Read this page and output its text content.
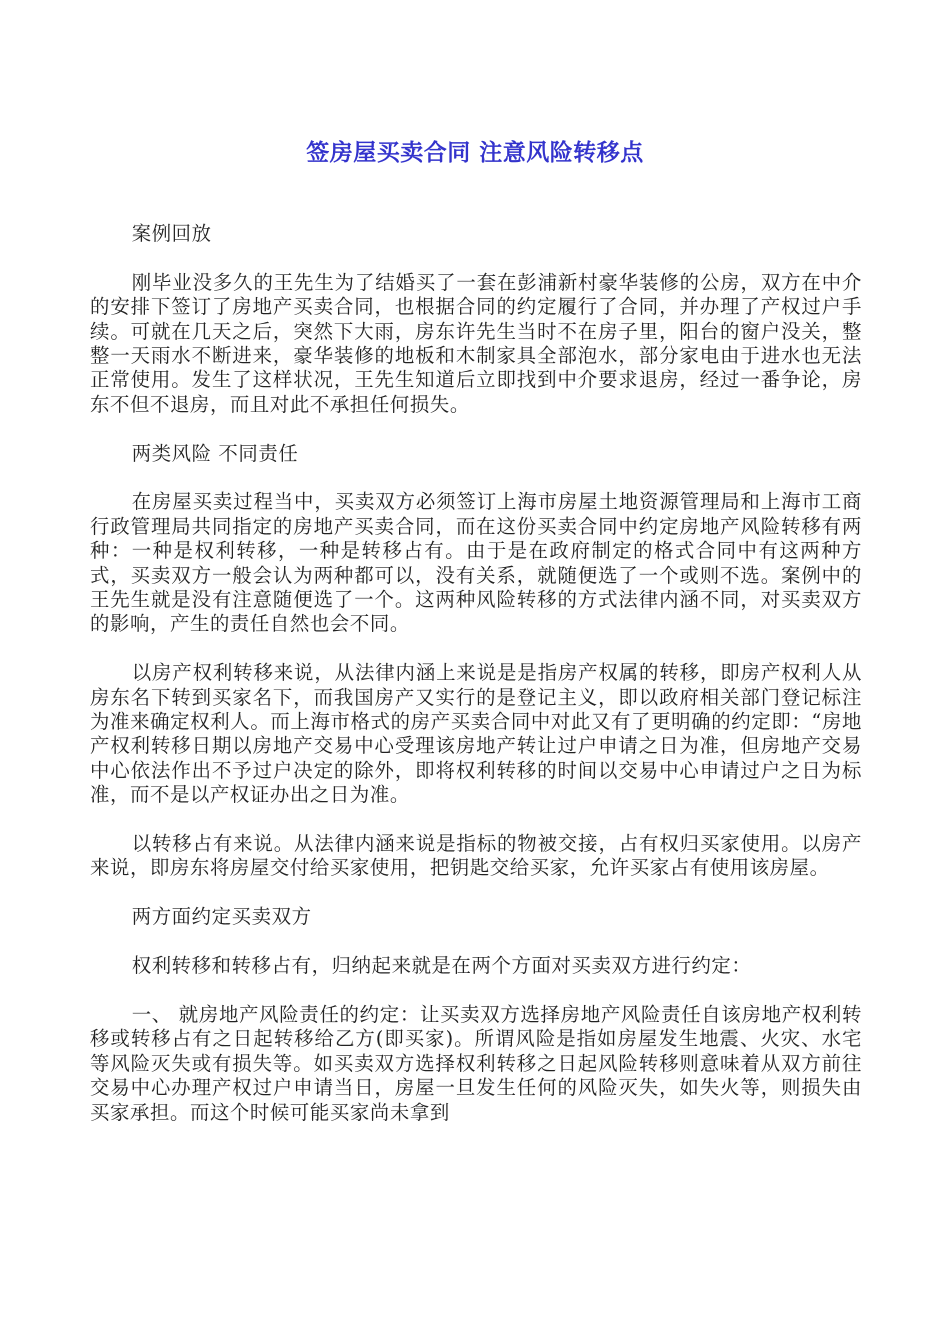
签房屋买卖合同 注意风险转移点

案例回放

刚毕业没多久的王先生为了结婚买了一套在彭浦新村豪华装修的公房，双方在中介的安排下签订了房地产买卖合同，也根据合同的约定履行了合同，并办理了产权过户手续。可就在几天之后，突然下大雨，房东许先生当时不在房子里，阳台的窗户没关，整整一天雨水不断进来，豪华装修的地板和木制家具全部泡水，部分家电由于进水也无法正常使用。发生了这样状况，王先生知道后立即找到中介要求退房，经过一番争论，房东不但不退房，而且对此不承担任何损失。

两类风险 不同责任

在房屋买卖过程当中，买卖双方必须签订上海市房屋土地资源管理局和上海市工商行政管理局共同指定的房地产买卖合同，而在这份买卖合同中约定房地产风险转移有两种：一种是权利转移，一种是转移占有。由于是在政府制定的格式合同中有这两种方式，买卖双方一般会认为两种都可以，没有关系，就随便选了一个或则不选。案例中的王先生就是没有注意随便选了一个。这两种风险转移的方式法律内涵不同，对买卖双方的影响，产生的责任自然也会不同。

以房产权利转移来说，从法律内涵上来说是是指房产权属的转移，即房产权利人从房东名下转到买家名下，而我国房产又实行的是登记主义，即以政府相关部门登记标注为准来确定权利人。而上海市格式的房产买卖合同中对此又有了更明确的约定即：“房地产权利转移日期以房地产交易中心受理该房地产转让过户申请之日为准，但房地产交易中心依法作出不予过户决定的除外，即将权利转移的时间以交易中心申请过户之日为标准，而不是以产权证办出之日为准。

以转移占有来说。从法律内涵来说是指标的物被交接，占有权归买家使用。以房产来说，即房东将房屋交付给买家使用，把钥匙交给买家，允许买家占有使用该房屋。

两方面约定买卖双方

权利转移和转移占有，归纳起来就是在两个方面对买卖双方进行约定：

一、 就房地产风险责任的约定：让买卖双方选择房地产风险责任自该房地产权利转移或转移占有之日起转移给乙方(即买家)。所谓风险是指如房屋发生地震、火灾、水宅等风险灭失或有损失等。如买卖双方选择权利转移之日起风险转移则意味着从双方前往交易中心办理产权过户申请当日，房屋一旦发生任何的风险灭失，如失火等，则损失由买家承担。而这个时候可能买家尚未拿到
